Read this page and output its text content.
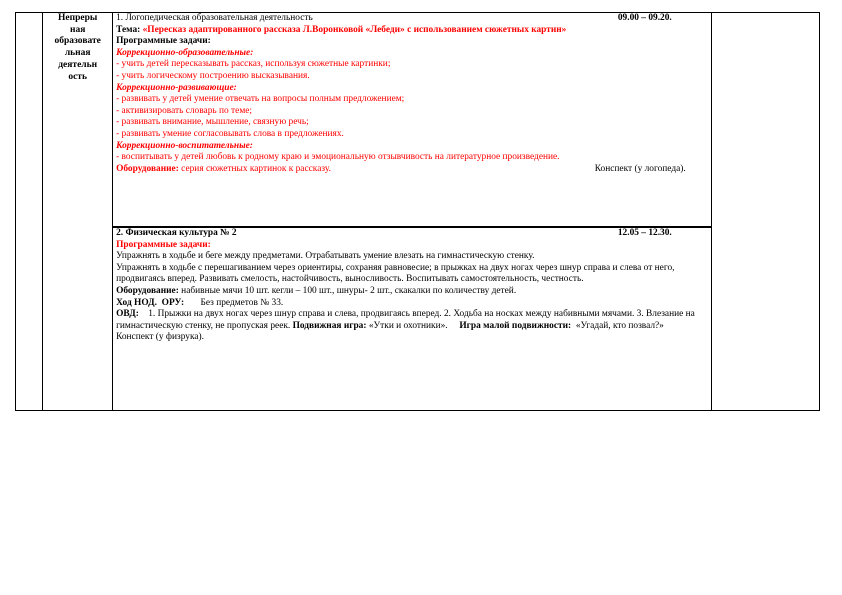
Непреры
ная
образовате
льная
деятельн
ость

1. Логопедическая образовательная деятельность	09.00 – 09.20.
Тема: «Пересказ адаптированного рассказа Л.Воронковой «Лебеди» с использованием сюжетных картин»
Программные задачи:
Коррекционно-образовательные:
- учить детей пересказывать рассказ, используя сюжетные картинки;
- учить логическому построению высказывания.
Коррекционно-развивающие:
- развивать у детей умение отвечать на вопросы полным предложением;
- активизировать словарь по теме;
- развивать внимание, мышление, связную речь;
- развивать умение согласовывать слова в предложениях.
Коррекционно-воспитательные:
- воспитывать у детей любовь к родному краю и эмоциональную отзывчивость на литературное произведение.
Оборудование: серия сюжетных картинок к рассказу.	Конспект (у логопеда).

2. Физическая культура № 2	12.05 – 12.30.
Программные задачи:
Упражнять в ходьбе и беге между предметами. Отрабатывать умение влезать на гимнастическую стенку.
Упражнять в ходьбе с перешагиванием через ориентиры, сохраняя равновесие; в прыжках на двух ногах через шнур справа и слева от него, продвигаясь вперед. Развивать смелость, настойчивость, выносливость. Воспитывать самостоятельность, честность.
Оборудование: набивные мячи 10 шт. кегли – 100 шт., шнуры- 2 шт., скакалки по количеству детей.
Ход НОД. ОРУ: Без предметов № 33.
ОВД: 1. Прыжки на двух ногах через шнур справа и слева, продвигаясь вперед. 2. Ходьба на носках между набивными мячами. 3. Влезание на гимнастическую стенку, не пропуская реек. Подвижная игра: «Утки и охотники». Игра малой подвижности: «Угадай, кто позвал?»
Конспект (у физрука).
